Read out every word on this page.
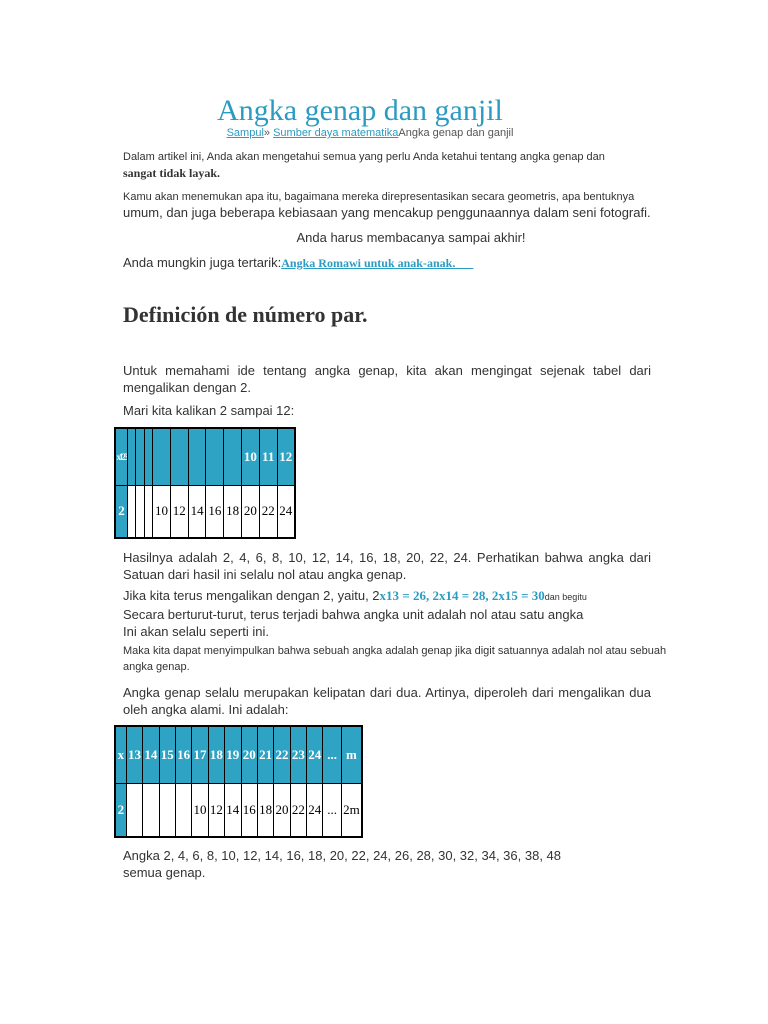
Angka genap dan ganjil
Sampul» Sumber daya matematikaAngka genap dan ganjil
Dalam artikel ini, Anda akan mengetahui semua yang perlu Anda ketahui tentang angka genap dan
sangat tidak layak.
Kamu akan menemukan apa itu, bagaimana mereka direpresentasikan secara geometris, apa bentuknya
umum, dan juga beberapa kebiasaan yang mencakup penggunaannya dalam seni fotografi.
Anda harus membacanya sampai akhir!
Anda mungkin juga tertarik:Angka Romawi untuk anak-anak.
Definición de número par.
Untuk memahami ide tentang angka genap, kita akan mengingat sejenak tabel dari mengalikan dengan 2.
Mari kita kalikan 2 sampai 12:
x123									10	11	12
2				10	12	14	16	18	20	22	24
Hasilnya adalah 2, 4, 6, 8, 10, 12, 14, 16, 18, 20, 22, 24. Perhatikan bahwa angka dari Satuan dari hasil ini selalu nol atau angka genap.
Jika kita terus mengalikan dengan 2, yaitu, 2x13 = 26, 2x14 = 28, 2x15 = 30dan begitu
Secara berturut-turut, terus terjadi bahwa angka unit adalah nol atau satu angka
Ini akan selalu seperti ini.
Maka kita dapat menyimpulkan bahwa sebuah angka adalah genap jika digit satuannya adalah nol atau sebuah angka genap.
Angka genap selalu merupakan kelipatan dari dua. Artinya, diperoleh dari mengalikan dua oleh angka alami. Ini adalah:
x	13	14	15	16	17	18	19	20	21	22	23	24	...	m
2					10	12	14	16	18	20	22	24	...	2m
Angka 2, 4, 6, 8, 10, 12, 14, 16, 18, 20, 22, 24, 26, 28, 30, 32, 34, 36, 38, 48 semua genap.
